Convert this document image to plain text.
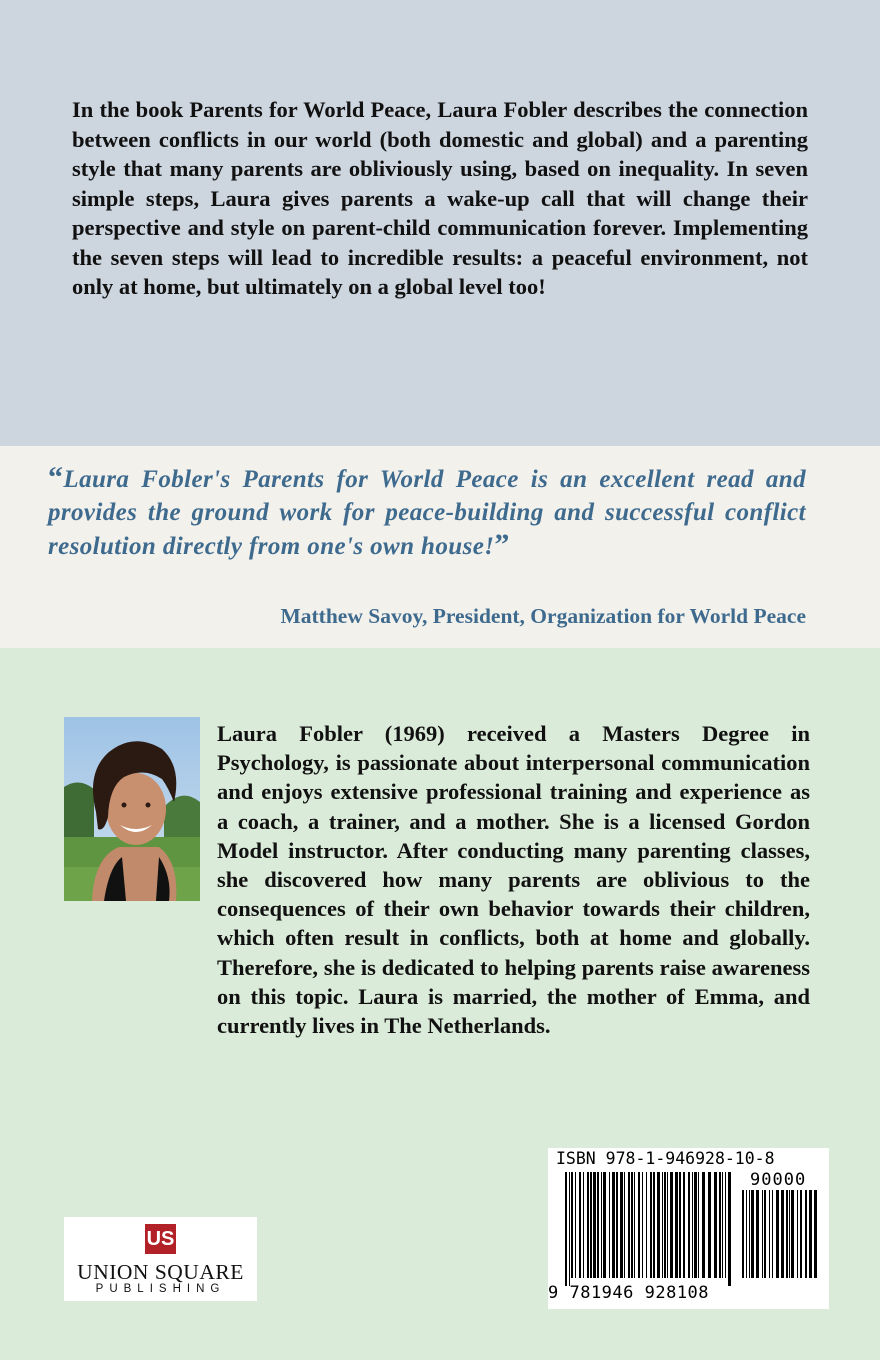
In the book Parents for World Peace, Laura Fobler describes the connection between conflicts in our world (both domestic and global) and a parenting style that many parents are obliviously using, based on inequality. In seven simple steps, Laura gives parents a wake-up call that will change their perspective and style on parent-child communication forever. Implementing the seven steps will lead to incredible results: a peaceful environment, not only at home, but ultimately on a global level too!

“Laura Fobler's Parents for World Peace is an excellent read and provides the ground work for peace-building and successful conflict resolution directly from one's own house!”

Matthew Savoy, President, Organization for World Peace

Laura Fobler (1969) received a Masters Degree in Psychology, is passionate about interpersonal communication and enjoys extensive professional training and experience as a coach, a trainer, and a mother. She is a licensed Gordon Model instructor. After conducting many parenting classes, she discovered how many parents are oblivious to the consequences of their own behavior towards their children, which often result in conflicts, both at home and globally. Therefore, she is dedicated to helping parents raise awareness on this topic. Laura is married, the mother of Emma, and currently lives in The Netherlands.

US
UNION SQUARE
PUBLISHING
ISBN 978-1-946928-10-8
90000
9 781946 928108
